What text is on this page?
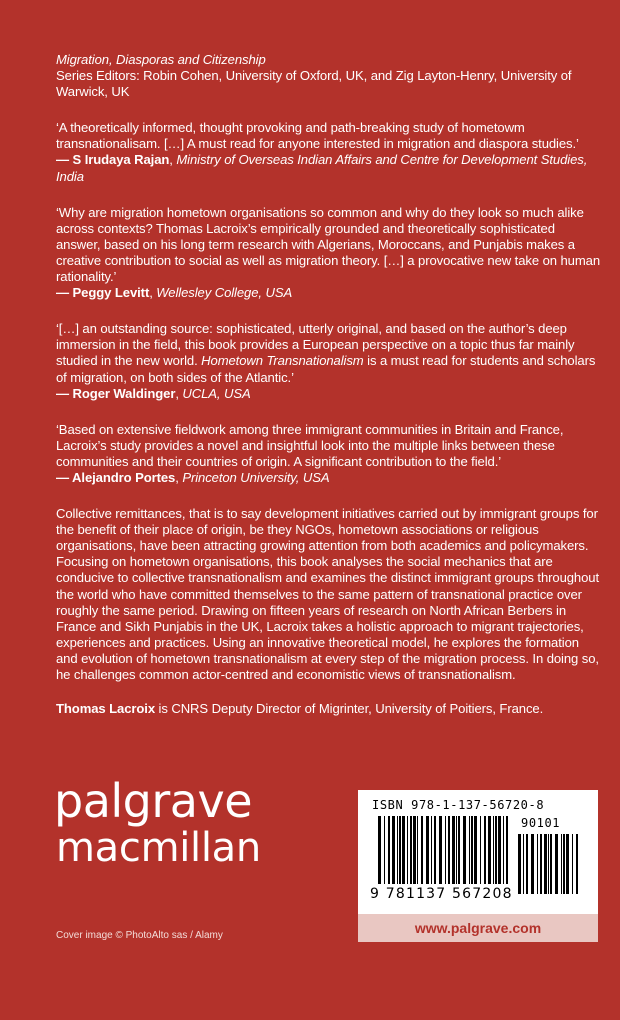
Migration, Diasporas and Citizenship
Series Editors: Robin Cohen, University of Oxford, UK, and Zig Layton-Henry, University of Warwick, UK
‘A theoretically informed, thought provoking and path-breaking study of hometowm transnationalisam. […] A must read for anyone interested in migration and diaspora studies.’
— S Irudaya Rajan, Ministry of Overseas Indian Affairs and Centre for Development Studies, India
‘Why are migration hometown organisations so common and why do they look so much alike across contexts? Thomas Lacroix’s empirically grounded and theoretically sophisticated answer, based on his long term research with Algerians, Moroccans, and Punjabis makes a creative contribution to social as well as migration theory. […] a provocative new take on human rationality.’
— Peggy Levitt, Wellesley College, USA
‘[…] an outstanding source: sophisticated, utterly original, and based on the author’s deep immersion in the field, this book provides a European perspective on a topic thus far mainly studied in the new world. Hometown Transnationalism is a must read for students and scholars of migration, on both sides of the Atlantic.’
— Roger Waldinger, UCLA, USA
‘Based on extensive fieldwork among three immigrant communities in Britain and France, Lacroix’s study provides a novel and insightful look into the multiple links between these communities and their countries of origin. A significant contribution to the field.’
— Alejandro Portes, Princeton University, USA
Collective remittances, that is to say development initiatives carried out by immigrant groups for the benefit of their place of origin, be they NGOs, hometown associations or religious organisations, have been attracting growing attention from both academics and policymakers. Focusing on hometown organisations, this book analyses the social mechanics that are conducive to collective transnationalism and examines the distinct immigrant groups throughout the world who have committed themselves to the same pattern of transnational practice over roughly the same period. Drawing on fifteen years of research on North African Berbers in France and Sikh Punjabis in the UK, Lacroix takes a holistic approach to migrant trajectories, experiences and practices. Using an innovative theoretical model, he explores the formation and evolution of hometown transnationalism at every step of the migration process. In doing so, he challenges common actor-centred and economistic views of transnationalism.
Thomas Lacroix is CNRS Deputy Director of Migrinter, University of Poitiers, France.
palgrave
macmillan
Cover image © PhotoAlto sas / Alamy
ISBN 978-1-137-56720-8
90101
9 781137 567208
www.palgrave.com
